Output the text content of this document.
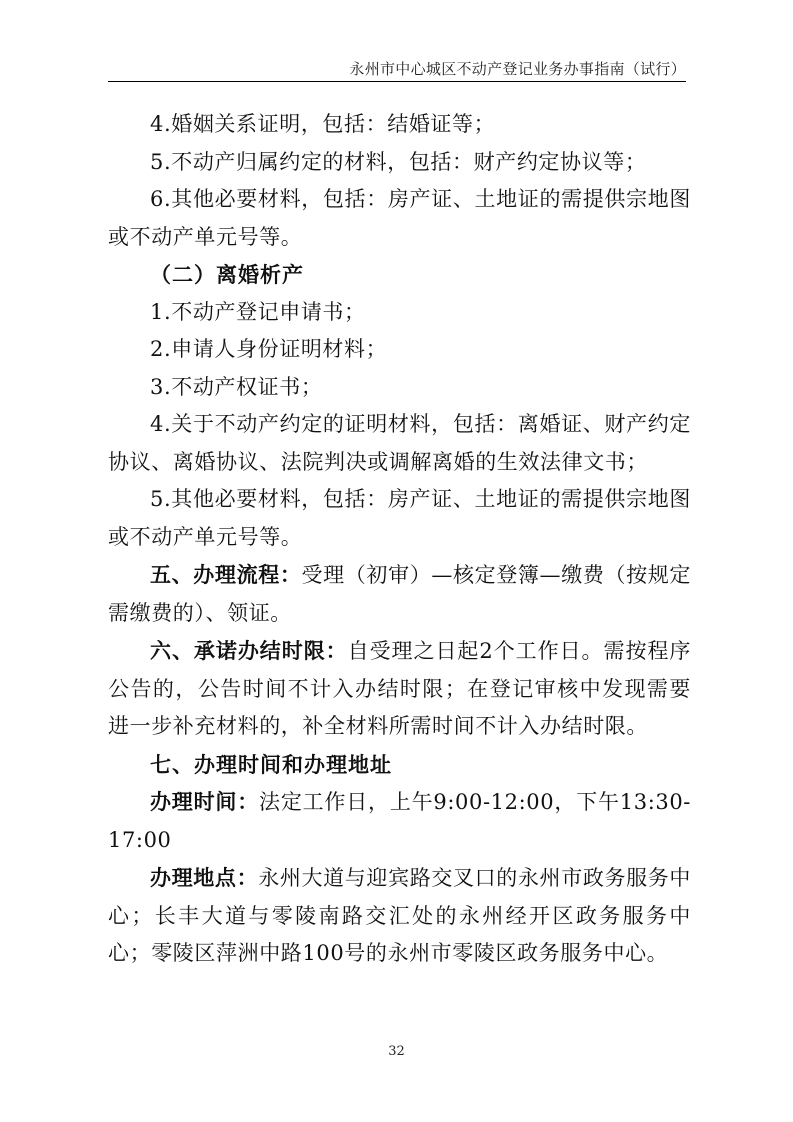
永州市中心城区不动产登记业务办事指南（试行）

4.婚姻关系证明，包括：结婚证等；

5.不动产归属约定的材料，包括：财产约定协议等；

6.其他必要材料，包括：房产证、土地证的需提供宗地图或不动产单元号等。

（二）离婚析产

1.不动产登记申请书；

2.申请人身份证明材料；

3.不动产权证书；

4.关于不动产约定的证明材料，包括：离婚证、财产约定协议、离婚协议、法院判决或调解离婚的生效法律文书；

5.其他必要材料，包括：房产证、土地证的需提供宗地图或不动产单元号等。

五、办理流程：受理（初审）—核定登簿—缴费（按规定需缴费的）、领证。

六、承诺办结时限：自受理之日起2个工作日。需按程序公告的，公告时间不计入办结时限；在登记审核中发现需要进一步补充材料的，补全材料所需时间不计入办结时限。

七、办理时间和办理地址

办理时间：法定工作日，上午9:00-12:00，下午13:30-17:00

办理地点：永州大道与迎宾路交叉口的永州市政务服务中心；长丰大道与零陵南路交汇处的永州经开区政务服务中心；零陵区萍洲中路100号的永州市零陵区政务服务中心。

32
